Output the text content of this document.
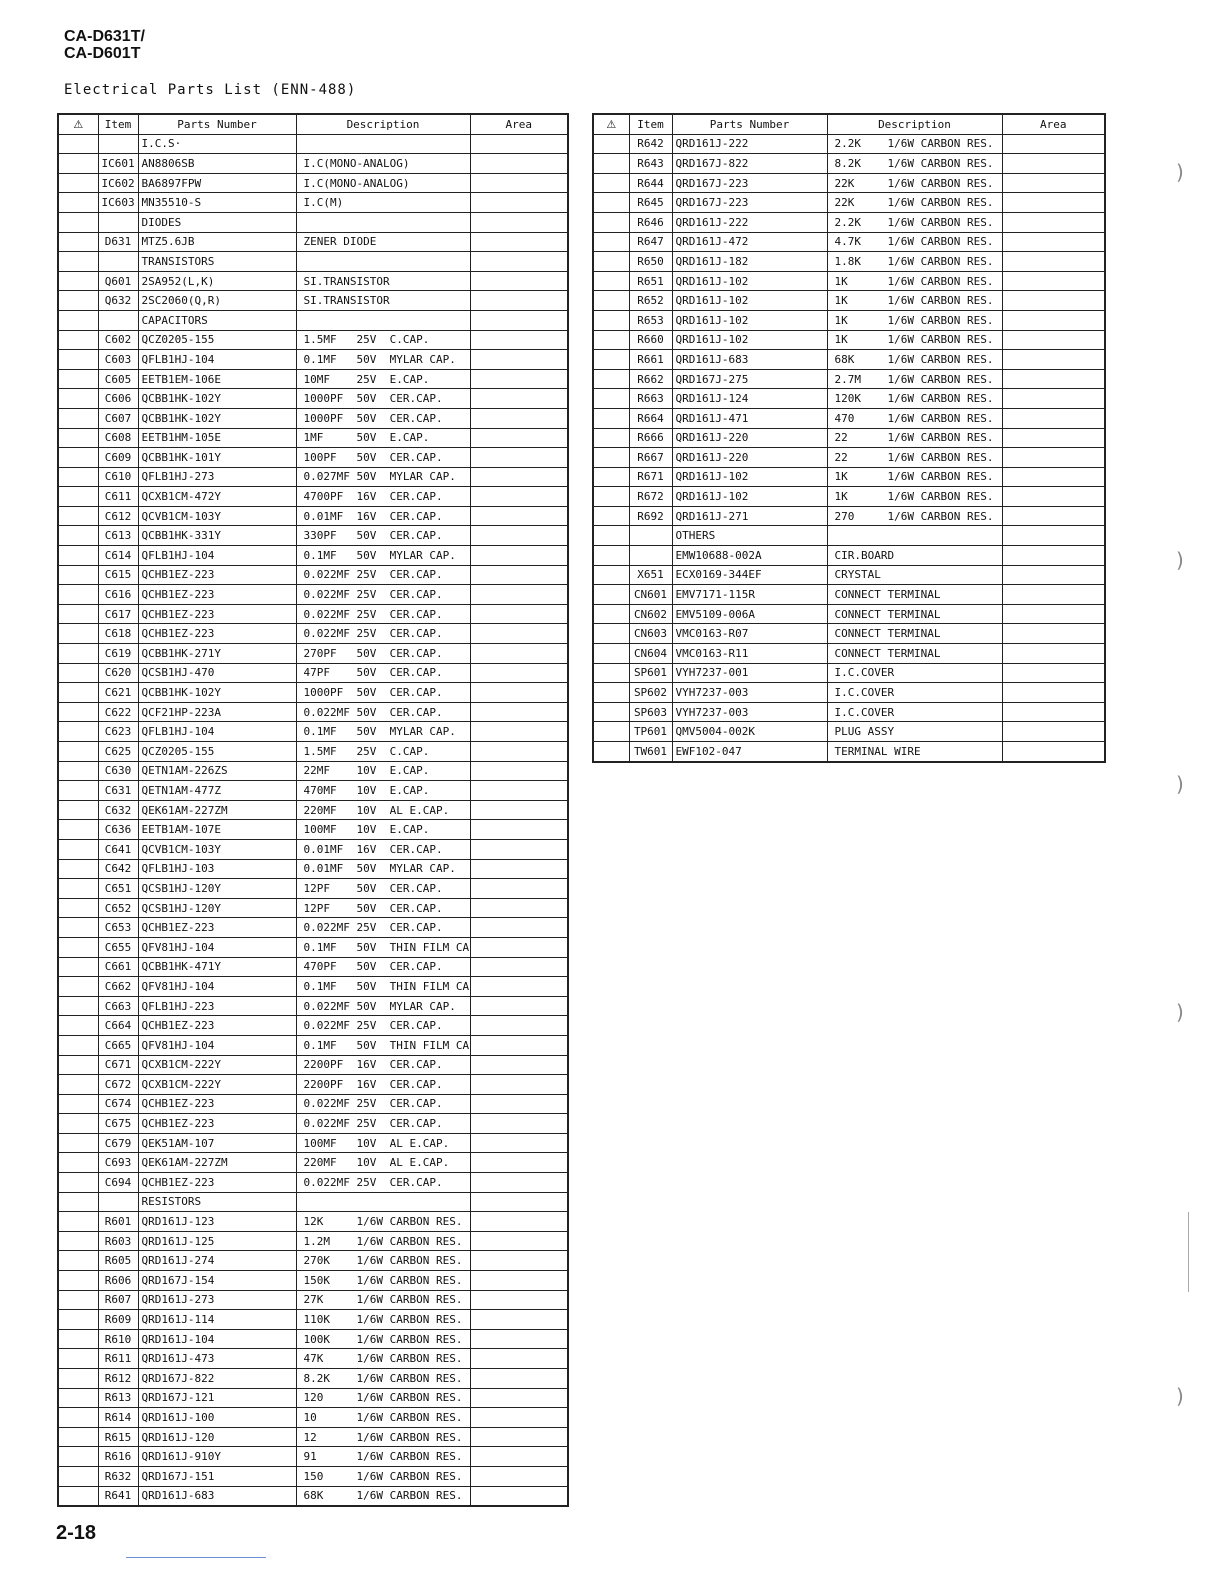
CA-D631T/
CA-D601T
Electrical Parts List (ENN-488)
⚠	Item	Parts Number	Description	Area
		I.C.S·		
	IC601	AN8806SB	I.C(MONO-ANALOG)	
	IC602	BA6897FPW	I.C(MONO-ANALOG)	
	IC603	MN35510-S	I.C(M)	
		DIODES		
	D631	MTZ5.6JB	ZENER DIODE	
		TRANSISTORS		
	Q601	2SA952(L,K)	SI.TRANSISTOR	
	Q632	2SC2060(Q,R)	SI.TRANSISTOR	
		CAPACITORS		
	C602	QCZ0205-155	1.5MF   25V  C.CAP.	
	C603	QFLB1HJ-104	0.1MF   50V  MYLAR CAP.	
	C605	EETB1EM-106E	10MF    25V  E.CAP.	
	C606	QCBB1HK-102Y	1000PF  50V  CER.CAP.	
	C607	QCBB1HK-102Y	1000PF  50V  CER.CAP.	
	C608	EETB1HM-105E	1MF     50V  E.CAP.	
	C609	QCBB1HK-101Y	100PF   50V  CER.CAP.	
	C610	QFLB1HJ-273	0.027MF 50V  MYLAR CAP.	
	C611	QCXB1CM-472Y	4700PF  16V  CER.CAP.	
	C612	QCVB1CM-103Y	0.01MF  16V  CER.CAP.	
	C613	QCBB1HK-331Y	330PF   50V  CER.CAP.	
	C614	QFLB1HJ-104	0.1MF   50V  MYLAR CAP.	
	C615	QCHB1EZ-223	0.022MF 25V  CER.CAP.	
	C616	QCHB1EZ-223	0.022MF 25V  CER.CAP.	
	C617	QCHB1EZ-223	0.022MF 25V  CER.CAP.	
	C618	QCHB1EZ-223	0.022MF 25V  CER.CAP.	
	C619	QCBB1HK-271Y	270PF   50V  CER.CAP.	
	C620	QCSB1HJ-470	47PF    50V  CER.CAP.	
	C621	QCBB1HK-102Y	1000PF  50V  CER.CAP.	
	C622	QCF21HP-223A	0.022MF 50V  CER.CAP.	
	C623	QFLB1HJ-104	0.1MF   50V  MYLAR CAP.	
	C625	QCZ0205-155	1.5MF   25V  C.CAP.	
	C630	QETN1AM-226ZS	22MF    10V  E.CAP.	
	C631	QETN1AM-477Z	470MF   10V  E.CAP.	
	C632	QEK61AM-227ZM	220MF   10V  AL E.CAP.	
	C636	EETB1AM-107E	100MF   10V  E.CAP.	
	C641	QCVB1CM-103Y	0.01MF  16V  CER.CAP.	
	C642	QFLB1HJ-103	0.01MF  50V  MYLAR CAP.	
	C651	QCSB1HJ-120Y	12PF    50V  CER.CAP.	
	C652	QCSB1HJ-120Y	12PF    50V  CER.CAP.	
	C653	QCHB1EZ-223	0.022MF 25V  CER.CAP.	
	C655	QFV81HJ-104	0.1MF   50V  THIN FILM CA	
	C661	QCBB1HK-471Y	470PF   50V  CER.CAP.	
	C662	QFV81HJ-104	0.1MF   50V  THIN FILM CA	
	C663	QFLB1HJ-223	0.022MF 50V  MYLAR CAP.	
	C664	QCHB1EZ-223	0.022MF 25V  CER.CAP.	
	C665	QFV81HJ-104	0.1MF   50V  THIN FILM CA	
	C671	QCXB1CM-222Y	2200PF  16V  CER.CAP.	
	C672	QCXB1CM-222Y	2200PF  16V  CER.CAP.	
	C674	QCHB1EZ-223	0.022MF 25V  CER.CAP.	
	C675	QCHB1EZ-223	0.022MF 25V  CER.CAP.	
	C679	QEK51AM-107	100MF   10V  AL E.CAP.	
	C693	QEK61AM-227ZM	220MF   10V  AL E.CAP.	
	C694	QCHB1EZ-223	0.022MF 25V  CER.CAP.	
		RESISTORS		
	R601	QRD161J-123	12K     1/6W CARBON RES.	
	R603	QRD161J-125	1.2M    1/6W CARBON RES.	
	R605	QRD161J-274	270K    1/6W CARBON RES.	
	R606	QRD167J-154	150K    1/6W CARBON RES.	
	R607	QRD161J-273	27K     1/6W CARBON RES.	
	R609	QRD161J-114	110K    1/6W CARBON RES.	
	R610	QRD161J-104	100K    1/6W CARBON RES.	
	R611	QRD161J-473	47K     1/6W CARBON RES.	
	R612	QRD167J-822	8.2K    1/6W CARBON RES.	
	R613	QRD167J-121	120     1/6W CARBON RES.	
	R614	QRD161J-100	10      1/6W CARBON RES.	
	R615	QRD161J-120	12      1/6W CARBON RES.	
	R616	QRD161J-910Y	91      1/6W CARBON RES.	
	R632	QRD167J-151	150     1/6W CARBON RES.	
	R641	QRD161J-683	68K     1/6W CARBON RES.	
⚠	Item	Parts Number	Description	Area
	R642	QRD161J-222	2.2K    1/6W CARBON RES.	
	R643	QRD167J-822	8.2K    1/6W CARBON RES.	
	R644	QRD167J-223	22K     1/6W CARBON RES.	
	R645	QRD167J-223	22K     1/6W CARBON RES.	
	R646	QRD161J-222	2.2K    1/6W CARBON RES.	
	R647	QRD161J-472	4.7K    1/6W CARBON RES.	
	R650	QRD161J-182	1.8K    1/6W CARBON RES.	
	R651	QRD161J-102	1K      1/6W CARBON RES.	
	R652	QRD161J-102	1K      1/6W CARBON RES.	
	R653	QRD161J-102	1K      1/6W CARBON RES.	
	R660	QRD161J-102	1K      1/6W CARBON RES.	
	R661	QRD161J-683	68K     1/6W CARBON RES.	
	R662	QRD167J-275	2.7M    1/6W CARBON RES.	
	R663	QRD161J-124	120K    1/6W CARBON RES.	
	R664	QRD161J-471	470     1/6W CARBON RES.	
	R666	QRD161J-220	22      1/6W CARBON RES.	
	R667	QRD161J-220	22      1/6W CARBON RES.	
	R671	QRD161J-102	1K      1/6W CARBON RES.	
	R672	QRD161J-102	1K      1/6W CARBON RES.	
	R692	QRD161J-271	270     1/6W CARBON RES.	
		OTHERS		
		EMW10688-002A	CIR.BOARD	
	X651	ECX0169-344EF	CRYSTAL	
	CN601	EMV7171-115R	CONNECT TERMINAL	
	CN602	EMV5109-006A	CONNECT TERMINAL	
	CN603	VMC0163-R07	CONNECT TERMINAL	
	CN604	VMC0163-R11	CONNECT TERMINAL	
	SP601	VYH7237-001	I.C.COVER	
	SP602	VYH7237-003	I.C.COVER	
	SP603	VYH7237-003	I.C.COVER	
	TP601	QMV5004-002K	PLUG ASSY	
	TW601	EWF102-047	TERMINAL WIRE	
2-18
)
)
)
)
)
